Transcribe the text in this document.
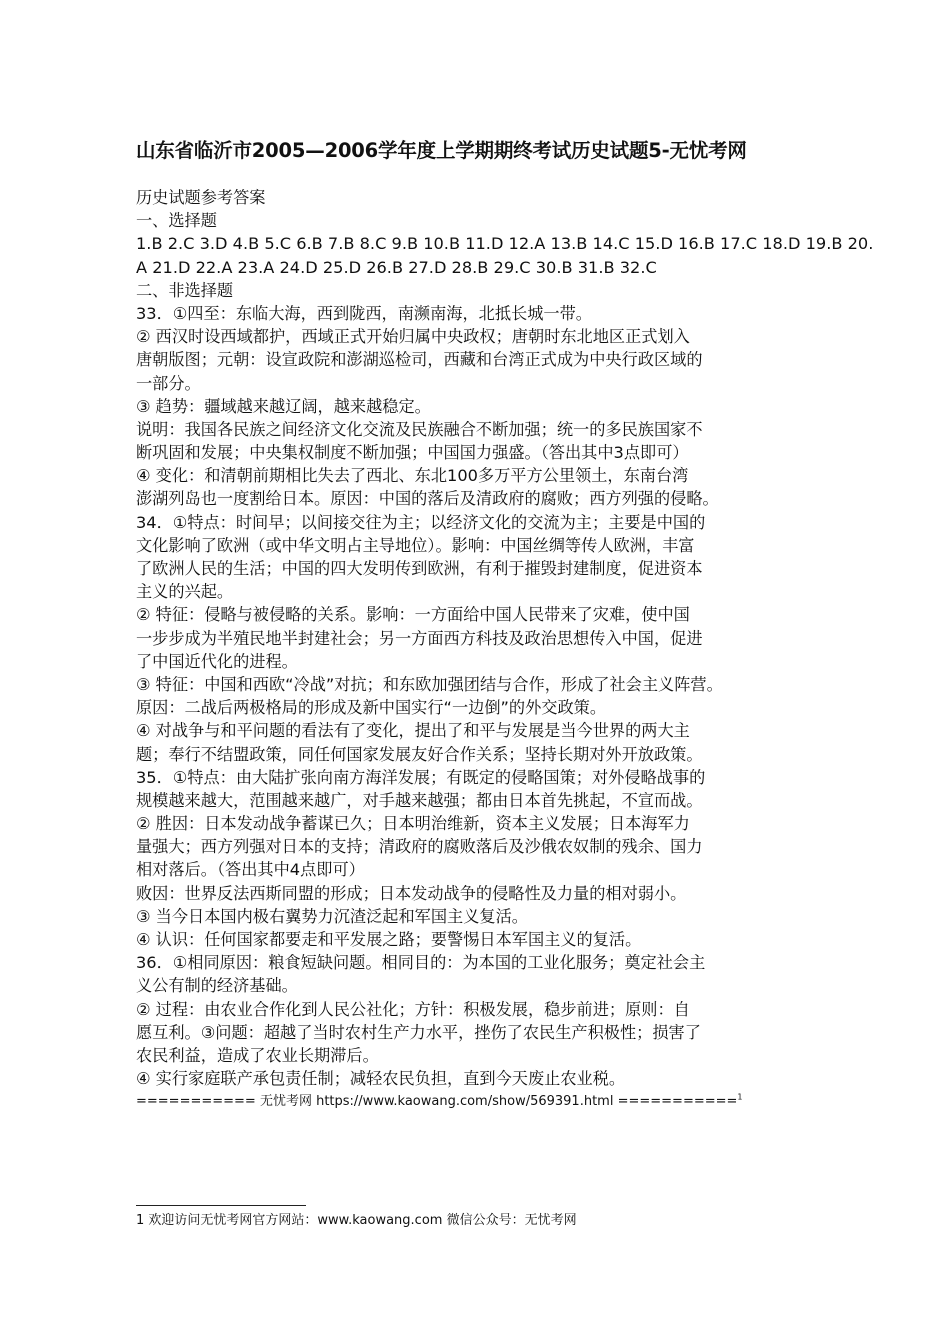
山东省临沂市2005—2006学年度上学期期终考试历史试题5-无忧考网
历史试题参考答案
一、选择题
1.B 2.C 3.D 4.B 5.C 6.B 7.B 8.C 9.B 10.B 11.D 12.A 13.B 14.C 15.D 16.B 17.C 18.D 19.B 20.
A 21.D 22.A 23.A 24.D 25.D 26.B 27.D 28.B 29.C 30.B 31.B 32.C
二、非选择题
33．①四至：东临大海，西到陇西，南濒南海，北抵长城一带。
② 西汉时设西域都护，西域正式开始归属中央政权；唐朝时东北地区正式划入
唐朝版图；元朝：设宣政院和澎湖巡检司，西藏和台湾正式成为中央行政区域的
一部分。
③ 趋势：疆域越来越辽阔，越来越稳定。
说明：我国各民族之间经济文化交流及民族融合不断加强；统一的多民族国家不
断巩固和发展；中央集权制度不断加强；中国国力强盛。（答出其中3点即可）
④ 变化：和清朝前期相比失去了西北、东北100多万平方公里领土，东南台湾
澎湖列岛也一度割给日本。原因：中国的落后及清政府的腐败；西方列强的侵略。
34．①特点：时间早；以间接交往为主；以经济文化的交流为主；主要是中国的
文化影响了欧洲（或中华文明占主导地位）。影响：中国丝绸等传人欧洲，丰富
了欧洲人民的生活；中国的四大发明传到欧洲，有利于摧毁封建制度，促进资本
主义的兴起。
② 特征：侵略与被侵略的关系。影响：一方面给中国人民带来了灾难，使中国
一步步成为半殖民地半封建社会；另一方面西方科技及政治思想传入中国，促进
了中国近代化的进程。
③ 特征：中国和西欧“冷战”对抗；和东欧加强团结与合作，形成了社会主义阵营。
原因：二战后两极格局的形成及新中国实行“一边倒”的外交政策。
④ 对战争与和平问题的看法有了变化，提出了和平与发展是当今世界的两大主
题；奉行不结盟政策，同任何国家发展友好合作关系；坚持长期对外开放政策。
35．①特点：由大陆扩张向南方海洋发展；有既定的侵略国策；对外侵略战事的
规模越来越大，范围越来越广，对手越来越强；都由日本首先挑起，不宣而战。
② 胜因：日本发动战争蓄谋已久；日本明治维新，资本主义发展；日本海军力
量强大；西方列强对日本的支持；清政府的腐败落后及沙俄农奴制的残余、国力
相对落后。（答出其中4点即可）
败因：世界反法西斯同盟的形成；日本发动战争的侵略性及力量的相对弱小。
③ 当今日本国内极右翼势力沉渣泛起和军国主义复活。
④ 认识：任何国家都要走和平发展之路；要警惕日本军国主义的复活。
36．①相同原因：粮食短缺问题。相同目的：为本国的工业化服务；奠定社会主
义公有制的经济基础。
② 过程：由农业合作化到人民公社化；方针：积极发展，稳步前进；原则：自
愿互利。③问题：超越了当时农村生产力水平，挫伤了农民生产积极性；损害了
农民利益，造成了农业长期滞后。
④ 实行家庭联产承包责任制；减轻农民负担，直到今天废止农业税。
=========== 无忧考网 https://www.kaowang.com/show/569391.html ===========$^1$
1 欢迎访问无忧考网官方网站：www.kaowang.com 微信公众号：无忧考网
